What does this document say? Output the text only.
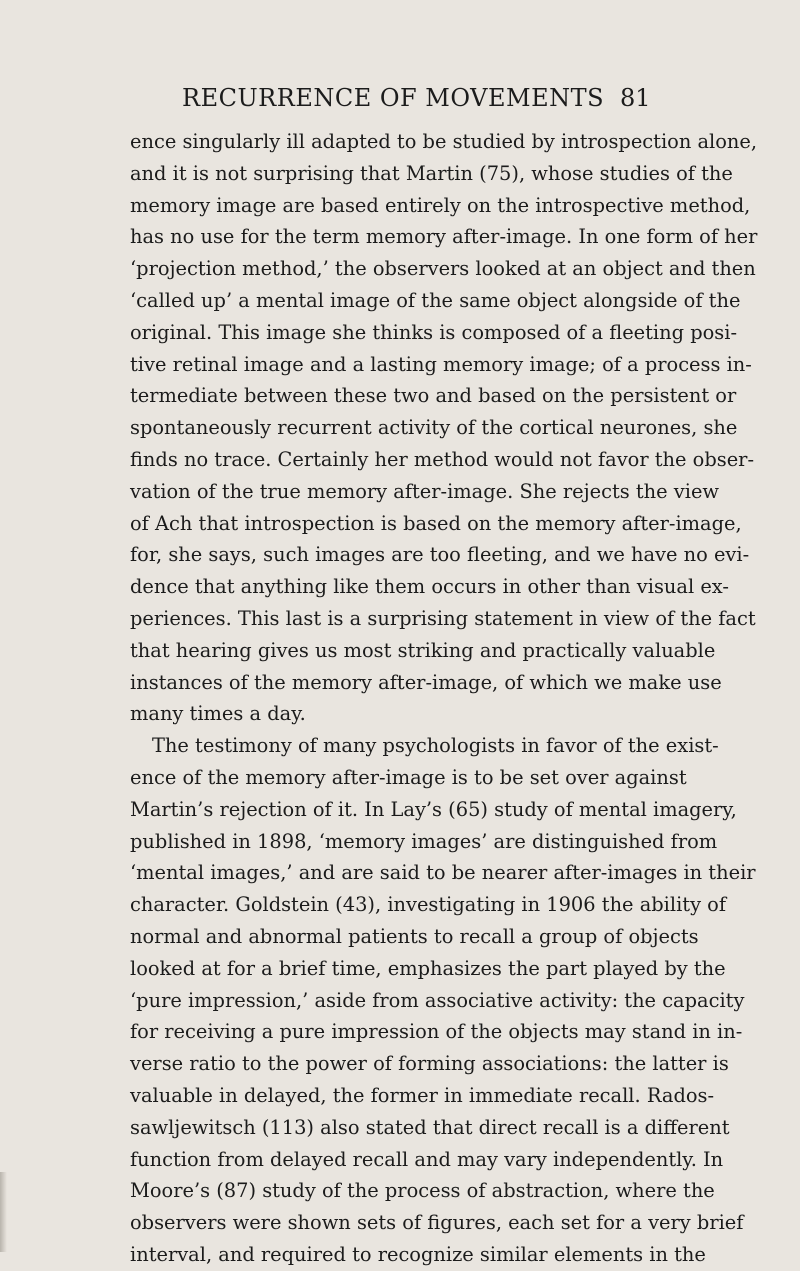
RECURRENCE OF MOVEMENTS 81
ence singularly ill adapted to be studied by introspection alone,
and it is not surprising that Martin (75), whose studies of the
memory image are based entirely on the introspective method,
has no use for the term memory after-image. In one form of her
‘projection method,’ the observers looked at an object and then
‘called up’ a mental image of the same object alongside of the
original. This image she thinks is composed of a fleeting posi-
tive retinal image and a lasting memory image; of a process in-
termediate between these two and based on the persistent or
spontaneously recurrent activity of the cortical neurones, she
finds no trace. Certainly her method would not favor the obser-
vation of the true memory after-image. She rejects the view
of Ach that introspection is based on the memory after-image,
for, she says, such images are too fleeting, and we have no evi-
dence that anything like them occurs in other than visual ex-
periences. This last is a surprising statement in view of the fact
that hearing gives us most striking and practically valuable
instances of the memory after-image, of which we make use
many times a day.
The testimony of many psychologists in favor of the exist-
ence of the memory after-image is to be set over against
Martin’s rejection of it. In Lay’s (65) study of mental imagery,
published in 1898, ‘memory images’ are distinguished from
‘mental images,’ and are said to be nearer after-images in their
character. Goldstein (43), investigating in 1906 the ability of
normal and abnormal patients to recall a group of objects
looked at for a brief time, emphasizes the part played by the
‘pure impression,’ aside from associative activity: the capacity
for receiving a pure impression of the objects may stand in in-
verse ratio to the power of forming associations: the latter is
valuable in delayed, the former in immediate recall. Rados-
sawljewitsch (113) also stated that direct recall is a different
function from delayed recall and may vary independently. In
Moore’s (87) study of the process of abstraction, where the
observers were shown sets of figures, each set for a very brief
interval, and required to recognize similar elements in the
